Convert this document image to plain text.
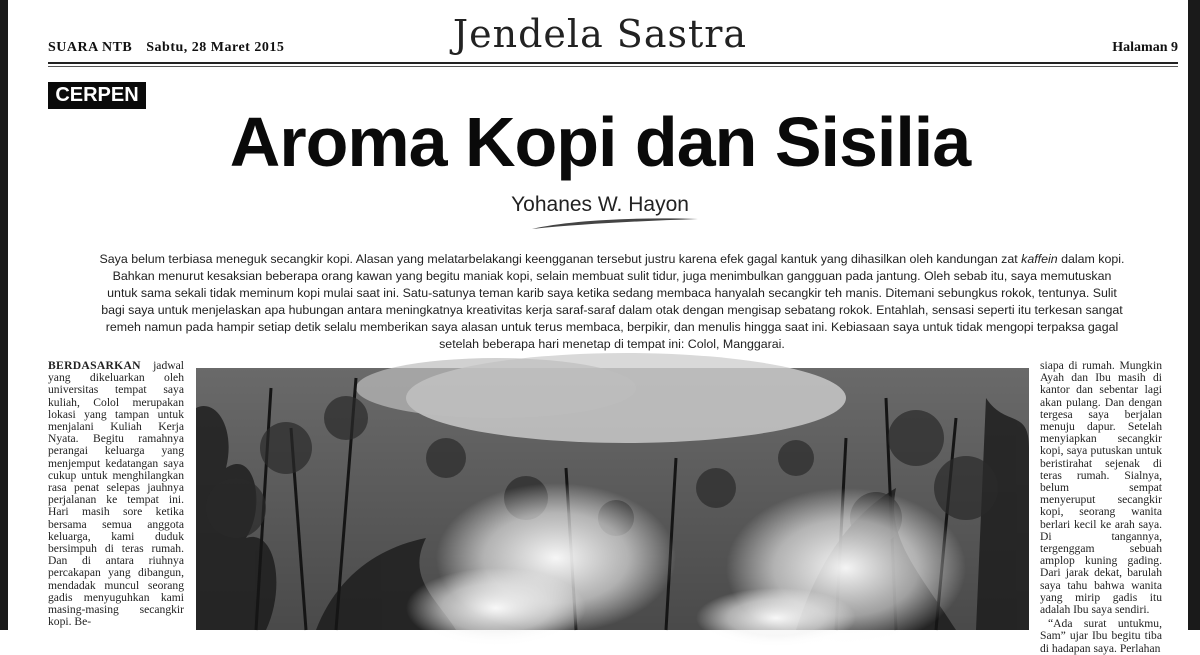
SUARA NTB Sabtu, 28 Maret 2015	Jendela Sastra	Halaman 9
CERPEN
Aroma Kopi dan Sisilia
Yohanes W. Hayon
Saya belum terbiasa meneguk secangkir kopi. Alasan yang melatarbelakangi keengganan tersebut justru karena efek gagal kantuk yang dihasilkan oleh kandungan zat kaffein dalam kopi. Bahkan menurut kesaksian beberapa orang kawan yang begitu maniak kopi, selain membuat sulit tidur, juga menimbulkan gangguan pada jantung. Oleh sebab itu, saya memutuskan untuk sama sekali tidak meminum kopi mulai saat ini. Satu-satunya teman karib saya ketika sedang membaca hanyalah secangkir teh manis. Ditemani sebungkus rokok, tentunya. Sulit bagi saya untuk menjelaskan apa hubungan antara meningkatnya kreativitas kerja saraf-saraf dalam otak dengan mengisap sebatang rokok. Entahlah, sensasi seperti itu terkesan sangat remeh namun pada hampir setiap detik selalu memberikan saya alasan untuk terus membaca, berpikir, dan menulis hingga saat ini. Kebiasaan saya untuk tidak mengopi terpaksa gagal setelah beberapa hari menetap di tempat ini: Colol, Manggarai.
BERDASARKAN jadwal yang dikeluarkan oleh universitas tempat saya kuliah, Colol merupakan lokasi yang tampan untuk menjalani Kuliah Kerja Nyata. Begitu ramahnya perangai keluarga yang menjemput kedatangan saya cukup untuk menghilangkan rasa penat selepas jauhnya perjalanan ke tempat ini. Hari masih sore ketika bersama semua anggota keluarga, kami duduk bersimpuh di teras rumah. Dan di antara riuhnya percakapan yang dibangun, mendadak muncul seorang gadis menyuguhkan kami masing-masing secangkir kopi. Be-

siapa di rumah. Mungkin Ayah dan Ibu masih di kantor dan sebentar lagi akan pulang. Dan dengan tergesa saya berjalan menuju dapur. Setelah menyiapkan secangkir kopi, saya putuskan untuk beristirahat sejenak di teras rumah. Sialnya, belum sempat menyeruput secangkir kopi, seorang wanita berlari kecil ke arah saya. Di tangannya, tergenggam sebuah amplop kuning gading. Dari jarak dekat, barulah saya tahu bahwa wanita yang mirip gadis itu adalah Ibu saya sendiri.

“Ada surat untukmu, Sam” ujar Ibu begitu tiba di hadapan saya. Perlahan
